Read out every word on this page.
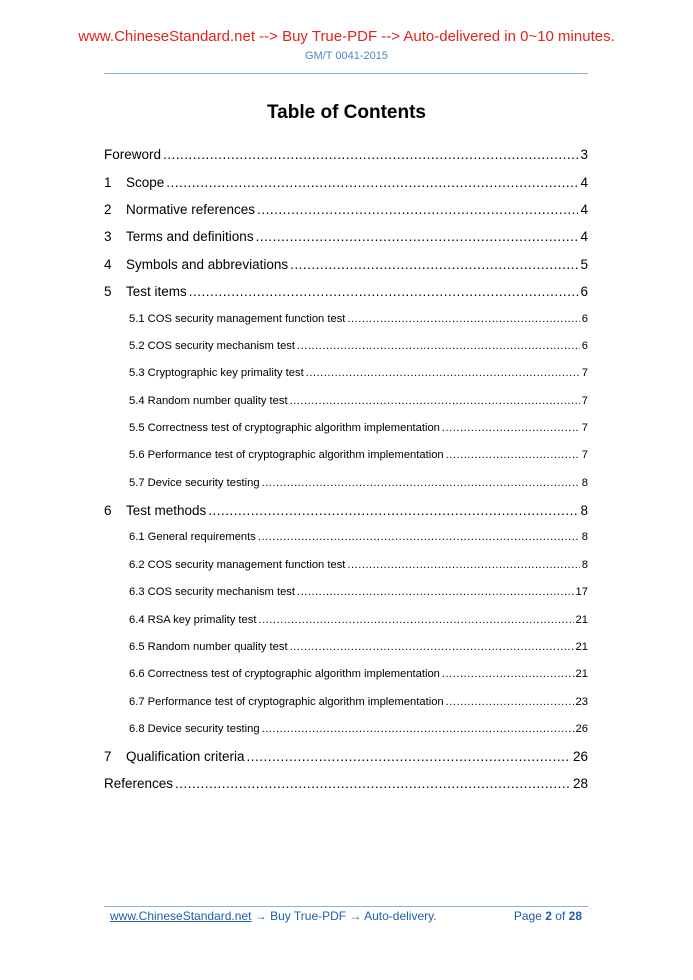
www.ChineseStandard.net --> Buy True-PDF --> Auto-delivered in 0~10 minutes.
GM/T 0041-2015
Table of Contents
Foreword .....	3
1	Scope .....	4
2	Normative references .....	4
3	Terms and definitions .....	4
4	Symbols and abbreviations .....	5
5	Test items .....	6
5.1 COS security management function test .....	6
5.2 COS security mechanism test .....	6
5.3 Cryptographic key primality test .....	7
5.4 Random number quality test .....	7
5.5 Correctness test of cryptographic algorithm implementation .....	7
5.6 Performance test of cryptographic algorithm implementation .....	7
5.7 Device security testing .....	8
6	Test methods .....	8
6.1 General requirements .....	8
6.2 COS security management function test .....	8
6.3 COS security mechanism test .....	17
6.4 RSA key primality test .....	21
6.5 Random number quality test .....	21
6.6 Correctness test of cryptographic algorithm implementation .....	21
6.7 Performance test of cryptographic algorithm implementation .....	23
6.8 Device security testing .....	26
7	Qualification criteria .....	26
References .....	28
www.ChineseStandard.net → Buy True-PDF → Auto-delivery.	Page 2 of 28
